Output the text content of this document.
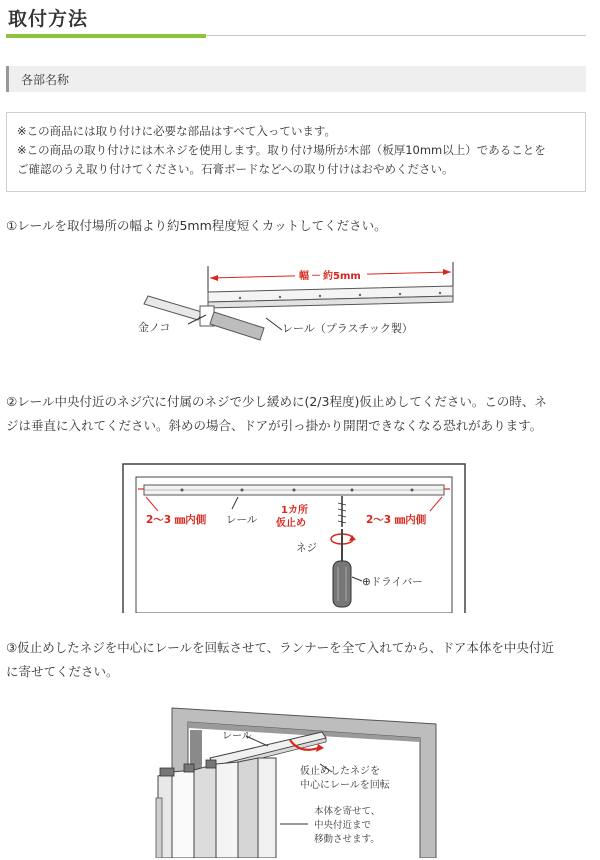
取付方法
各部名称
※この商品には取り付けに必要な部品はすべて入っています。
※この商品の取り付けには木ネジを使用します。取り付け場所が木部（板厚10mm以上）であることを
ご確認のうえ取り付けてください。石膏ボードなどへの取り付けはおやめください。
①レールを取付場所の幅より約5mm程度短くカットしてください。
幅 － 約5mm
金ノコ	レール（プラスチック製）
②レール中央付近のネジ穴に付属のネジで少し緩めに(2/3程度)仮止めしてください。この時、ネ
ジは垂直に入れてください。斜めの場合、ドアが引っ掛かり開閉できなくなる恐れがあります。
2～3 ㎜内側 レール
1カ所
仮止め	2～3 ㎜内側
ネジ
⊕ドライバー
③仮止めしたネジを中心にレールを回転させて、ランナーを全て入れてから、ドア本体を中央付近
に寄せてください。
レール
仮止めしたネジを
中心にレールを回転
本体を寄せて、
中央付近まで
移動させます。
